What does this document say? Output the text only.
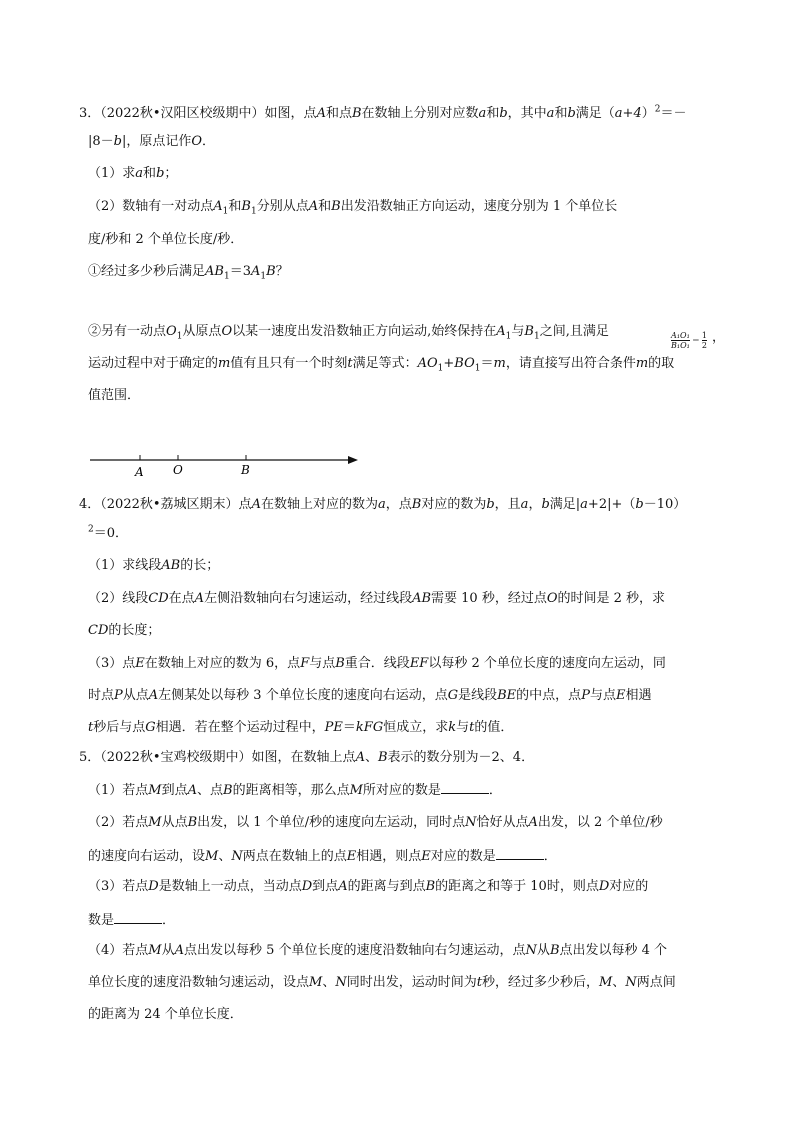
3．（2022秋•汉阳区校级期中）如图，点A和点B在数轴上分别对应数a和b，其中a和b满足$(a+4)^2=-$
|8－b|，原点记作O．
（1）求a和b；
（2）数轴有一对动点$A_1$和$B_1$分别从点A和B出发沿数轴正方向运动，速度分别为 1 个单位长
度/秒和 2 个单位长度/秒．
①经过多少秒后满足$AB_1=3A_1B$？
②另有一动点$O_1$从原点O以某一速度出发沿数轴正方向运动,始终保持在$A_1$与$B_1$之间,且满足	A₁O₁
B₁O₁
＝
1
2
，
运动过程中对于确定的m值有且只有一个时刻t满足等式：$AO_1+BO_1=m$，请直接写出符合条件m的取
值范围．
A O	B
4．（2022秋•荔城区期末）点A在数轴上对应的数为a，点B对应的数为b，且a，b满足|a+2|+（b－10）
$^2$＝0．
（1）求线段AB的长；
（2）线段CD在点A左侧沿数轴向右匀速运动，经过线段AB需要 10 秒，经过点O的时间是 2 秒，求
CD的长度；
（3）点E在数轴上对应的数为 6，点F与点B重合．线段EF以每秒 2 个单位长度的速度向左运动，同
时点P从点A左侧某处以每秒 3 个单位长度的速度向右运动，点G是线段BE的中点，点P与点E相遇
t秒后与点G相遇．若在整个运动过程中，PE＝kFG恒成立，求k与t的值．
5．（2022秋•宝鸡校级期中）如图，在数轴上点A、B表示的数分别为－2、4．
（1）若点M到点A、点B的距离相等，那么点M所对应的数是	．
（2）若点M从点B出发，以 1 个单位/秒的速度向左运动，同时点N恰好从点A出发，以 2 个单位/秒
的速度向右运动，设M、N两点在数轴上的点E相遇，则点E对应的数是	．
（3）若点D是数轴上一动点，当动点D到点A的距离与到点B的距离之和等于 10时，则点D对应的
数是	．
（4）若点M从A点出发以每秒 5 个单位长度的速度沿数轴向右匀速运动，点N从B点出发以每秒 4 个
单位长度的速度沿数轴匀速运动，设点M、N同时出发，运动时间为t秒，经过多少秒后，M、N两点间
的距离为 24 个单位长度．
